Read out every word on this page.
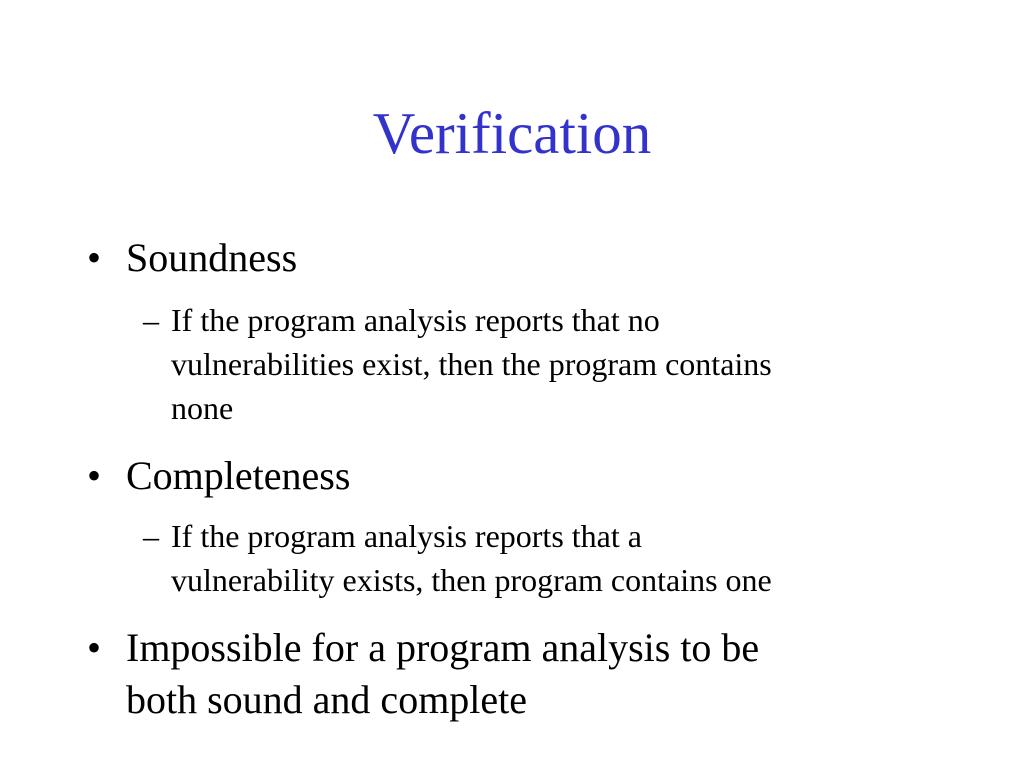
Verification
• Soundness
– If the program analysis reports that no
vulnerabilities exist, then the program contains
none
• Completeness
– If the program analysis reports that a
vulnerability exists, then program contains one
• Impossible for a program analysis to be
both sound and complete
